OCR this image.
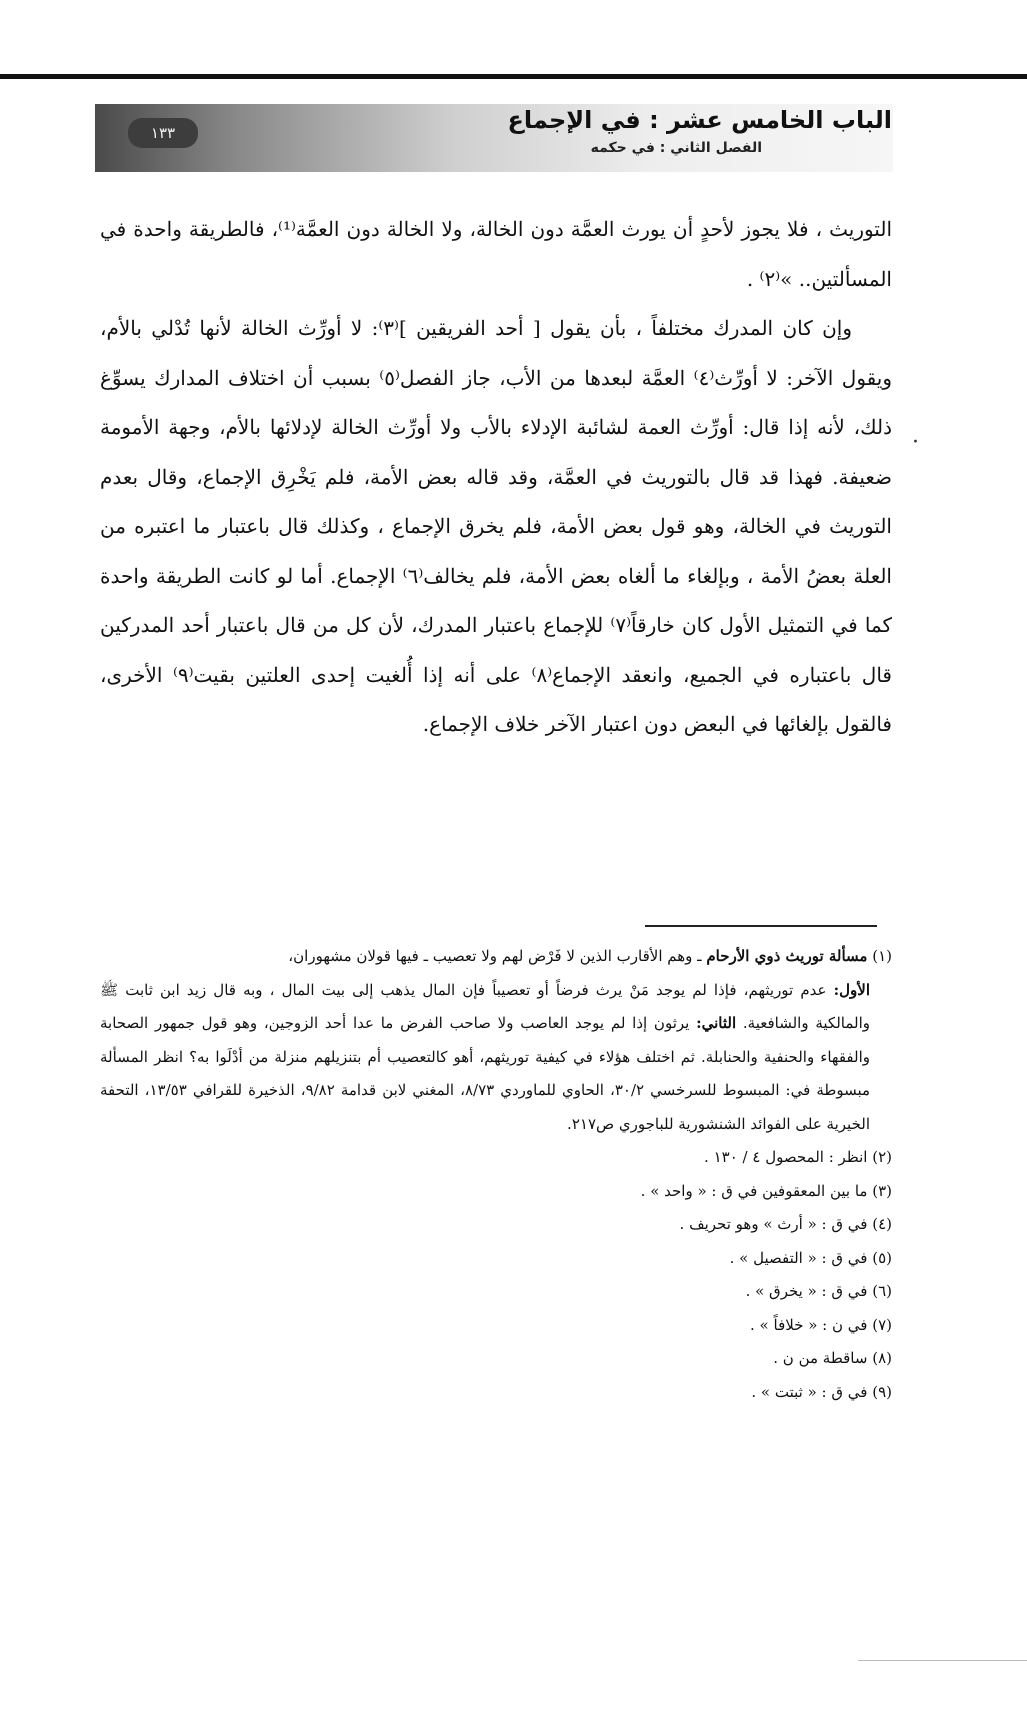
١٣٣	الباب الخامس عشر : في الإجماع
الفصل الثاني : في حكمه

التوريث ، فلا يجوز لأحدٍ أن يورث العمَّة دون الخالة، ولا الخالة دون العمَّة⁽¹⁾، فالطريقة واحدة في المسألتين.. »⁽٢⁾ .

وإن كان المدرك مختلفاً ، بأن يقول [ أحد الفريقين ]⁽٣⁾: لا أورِّث الخالة لأنها تُدْلي بالأم، ويقول الآخر: لا أورِّث⁽٤⁾ العمَّة لبعدها من الأب، جاز الفصل⁽٥⁾ بسبب أن اختلاف المدارك يسوِّغ ذلك، لأنه إذا قال: أورِّث العمة لشائبة الإدلاء بالأب ولا أورِّث الخالة لإدلائها بالأم، وجهة الأمومة ضعيفة. فهذا قد قال بالتوريث في العمَّة، وقد قاله بعض الأمة، فلم يَخْرِق الإجماع، وقال بعدم التوريث في الخالة، وهو قول بعض الأمة، فلم يخرق الإجماع ، وكذلك قال باعتبار ما اعتبره من العلة بعضُ الأمة ، وبإلغاء ما ألغاه بعض الأمة، فلم يخالف⁽٦⁾ الإجماع. أما لو كانت الطريقة واحدة كما في التمثيل الأول كان خارقاً⁽٧⁾ للإجماع باعتبار المدرك، لأن كل من قال باعتبار أحد المدركين قال باعتباره في الجميع، وانعقد الإجماع⁽٨⁾ على أنه إذا أُلغيت إحدى العلتين بقيت⁽٩⁾ الأخرى، فالقول بإلغائها في البعض دون اعتبار الآخر خلاف الإجماع.

·

(١) مسألة توريث ذوي الأرحام ـ وهم الأقارب الذين لا فَرْض لهم ولا تعصيب ـ فيها قولان مشهوران،

الأول: عدم توريثهم، فإذا لم يوجد مَنْ يرث فرضاً أو تعصيباً فإن المال يذهب إلى بيت المال ، وبه قال زيد ابن ثابت ﷺ والمالكية والشافعية. الثاني: يرثون إذا لم يوجد العاصب ولا صاحب الفرض ما عدا أحد الزوجين، وهو قول جمهور الصحابة والفقهاء والحنفية والحنابلة. ثم اختلف هؤلاء في كيفية توريثهم، أهو كالتعصيب أم بتنزيلهم منزلة من أدْلَوا به؟ انظر المسألة مبسوطة في: المبسوط للسرخسي ٣٠/٢، الحاوي للماوردي ٨/٧٣، المغني لابن قدامة ٩/٨٢، الذخيرة للقرافي ١٣/٥٣، التحفة الخيرية على الفوائد الشنشورية للباجوري ص٢١٧.

(٢) انظر : المحصول ٤ / ١٣٠ .

(٣) ما بين المعقوفين في ق : « واحد » .

(٤) في ق : « أرث » وهو تحريف .

(٥) في ق : « التفصيل » .

(٦) في ق : « يخرق » .

(٧) في ن : « خلافاً » .

(٨) ساقطة من ن .

(٩) في ق : « ثبتت » .
